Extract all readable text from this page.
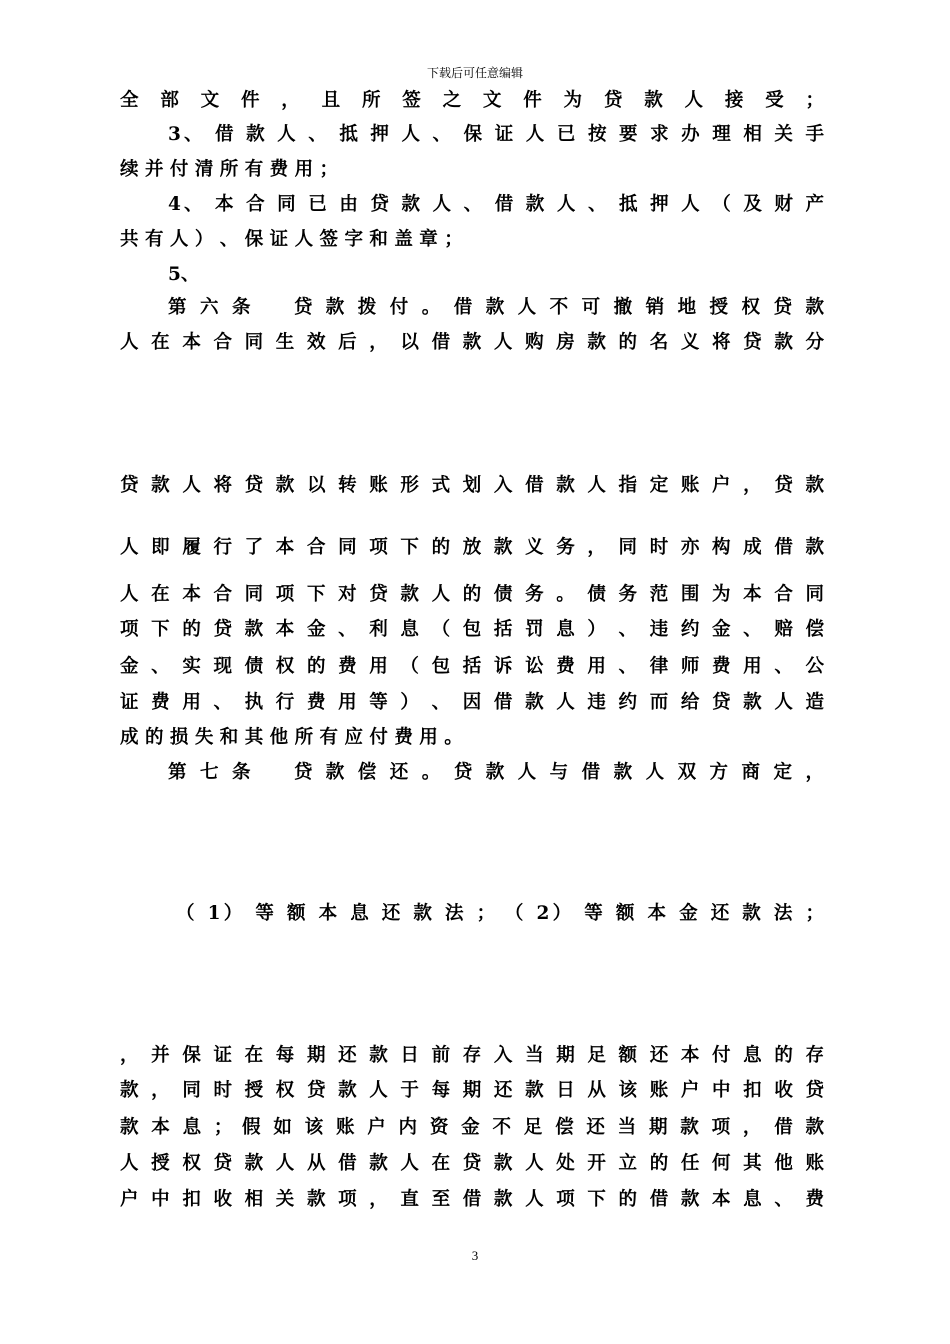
下载后可任意编辑
全 部 文 件 ， 且 所 签 之 文 件 为 贷 款 人 接 受 ；
3、 借 款 人 、 抵 押 人 、 保 证 人 已 按 要 求 办 理 相 关 手
续 并 付 清 所 有 费 用 ；
4、 本 合 同 已 由 贷 款 人 、 借 款 人 、 抵 押 人 （ 及 财 产
共 有 人 ） 、 保 证 人 签 字 和 盖 章 ；
5、
第 六 条    贷 款 拨 付 。 借 款 人 不 可 撤 销 地 授 权 贷 款
人 在 本 合 同 生 效 后 ， 以 借 款 人 购 房 款 的 名 义 将 贷 款 分

贷 款 人 将 贷 款 以 转 账 形 式 划 入 借 款 人 指 定 账 户 ， 贷 款
人 即 履 行 了 本 合 同 项 下 的 放 款 义 务 ， 同 时 亦 构 成 借 款
人 在 本 合 同 项 下 对 贷 款 人 的 债 务 。 债 务 范 围 为 本 合 同
项 下 的 贷 款 本 金 、 利 息 （ 包 括 罚 息 ） 、 违 约 金 、 赔 偿
金 、 实 现 债 权 的 费 用 （ 包 括 诉 讼 费 用 、 律 师 费 用 、 公
证 费 用 、 执 行 费 用 等 ） 、 因 借 款 人 违 约 而 给 贷 款 人 造
成 的 损 失 和 其 他 所 有 应 付 费 用 。
第 七 条    贷 款 偿 还 。 贷 款 人 与 借 款 人 双 方 商 定 ，

（ 1） 等 额 本 息 还 款 法 ； （ 2） 等 额 本 金 还 款 法 ；

， 并 保 证 在 每 期 还 款 日 前 存 入 当 期 足 额 还 本 付 息 的 存
款 ， 同 时 授 权 贷 款 人 于 每 期 还 款 日 从 该 账 户 中 扣 收 贷
款 本 息 ； 假 如 该 账 户 内 资 金 不 足 偿 还 当 期 款 项 ， 借 款
人 授 权 贷 款 人 从 借 款 人 在 贷 款 人 处 开 立 的 任 何 其 他 账
户 中 扣 收 相 关 款 项 ， 直 至 借 款 人 项 下 的 借 款 本 息 、 费
3
